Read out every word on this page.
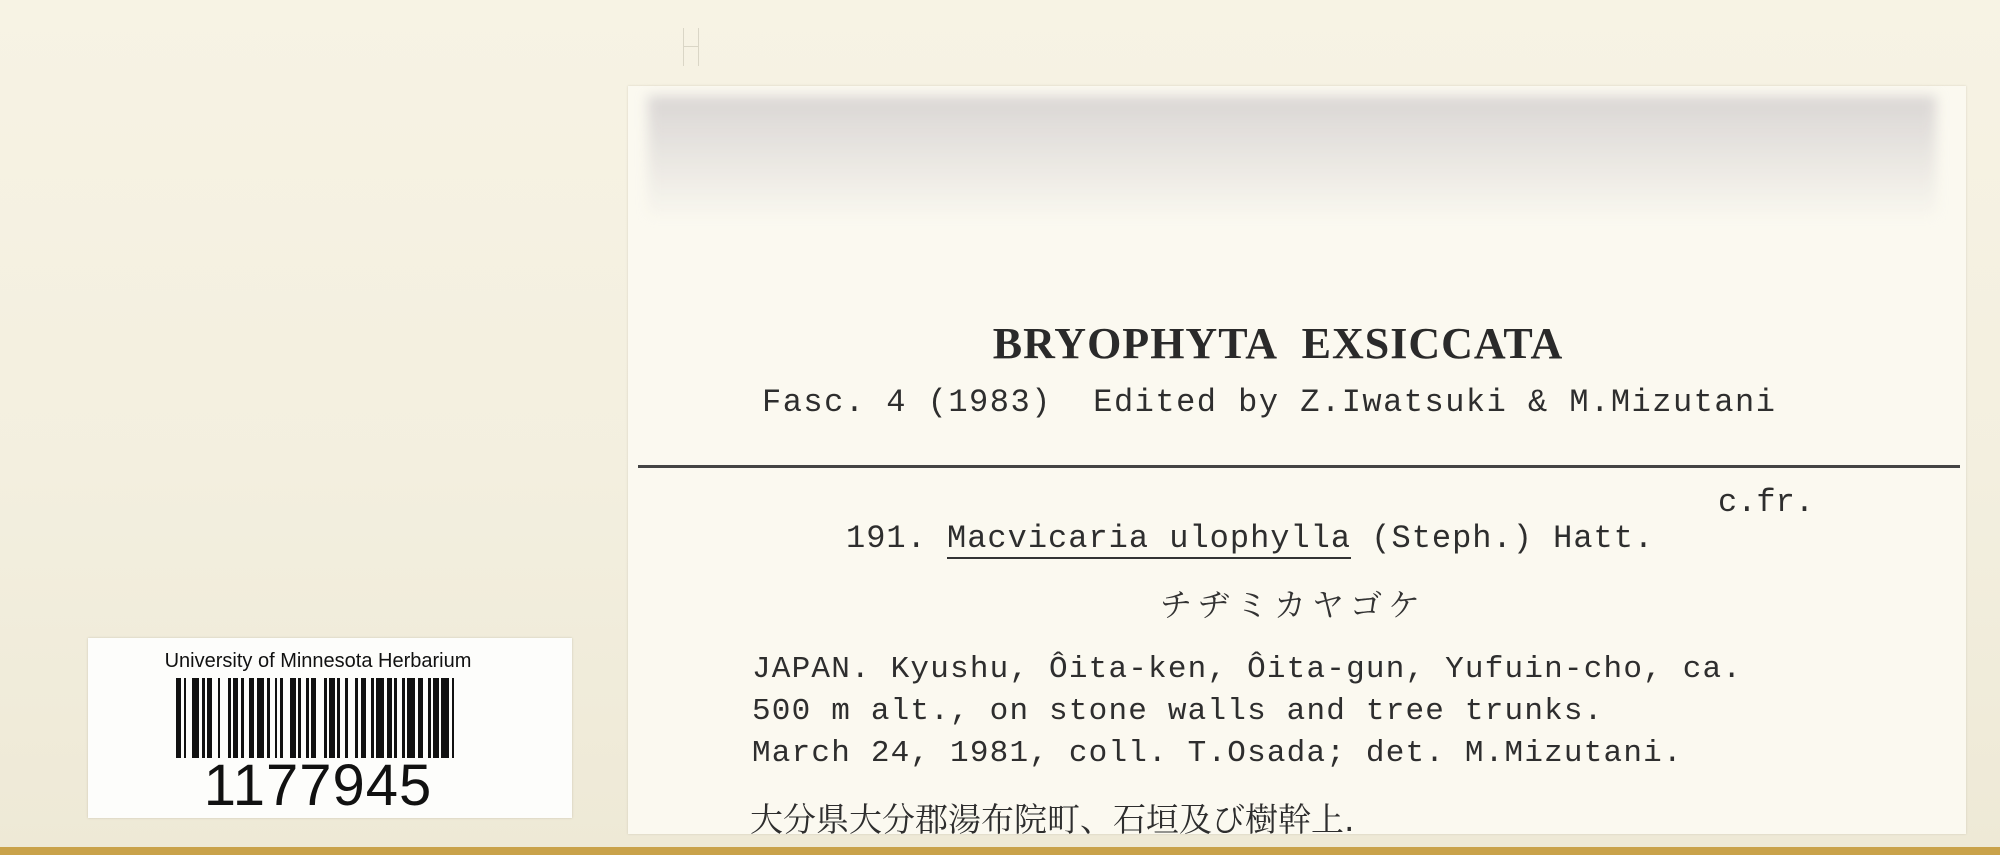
BRYOPHYTA EXSICCATA
Fasc. 4 (1983)  Edited by Z.Iwatsuki & M.Mizutani
c.fr.
191. Macvicaria ulophylla (Steph.) Hatt.
チヂミカヤゴケ
JAPAN. Kyushu, Ôita-ken, Ôita-gun, Yufuin-cho, ca.
500 m alt., on stone walls and tree trunks.
March 24, 1981, coll. T.Osada; det. M.Mizutani.
大分県大分郡湯布院町、石垣及び樹幹上.
University of Minnesota Herbarium
1177945
